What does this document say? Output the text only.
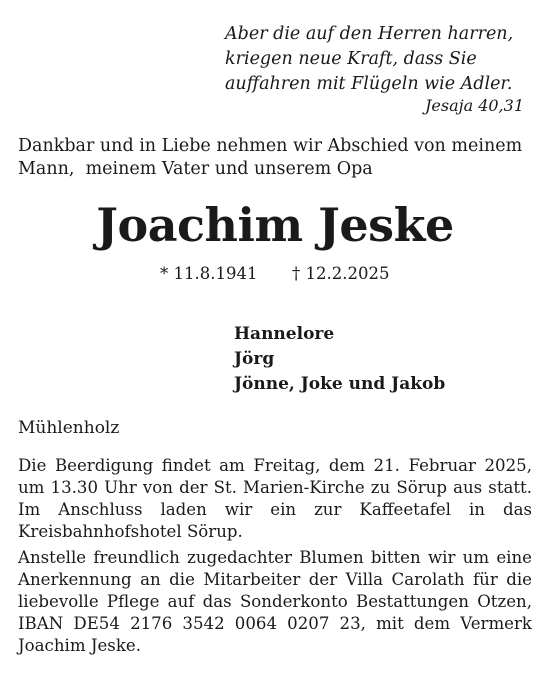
Aber die auf den Herren harren,
kriegen neue Kraft, dass Sie
auffahren mit Flügeln wie Adler.
Jesaja 40,31
Dankbar und in Liebe nehmen wir Abschied von meinem
Mann,  meinem Vater und unserem Opa
Joachim Jeske
* 11.8.1941 † 12.2.2025
Hannelore
Jörg
Jönne, Joke und Jakob
Mühlenholz
Die Beerdigung findet am Freitag, dem 21. Februar 2025, um 13.30 Uhr von der St. Marien-Kirche zu Sörup aus statt. Im Anschluss laden wir ein zur Kaffeetafel in das Kreisbahnhofshotel Sörup.
Anstelle freundlich zugedachter Blumen bitten wir um eine Anerkennung an die Mitarbeiter der Villa Carolath für die liebevolle Pflege auf das Sonderkonto Bestattungen Otzen, IBAN DE54 2176 3542 0064 0207 23, mit dem Vermerk Joachim Jeske.
